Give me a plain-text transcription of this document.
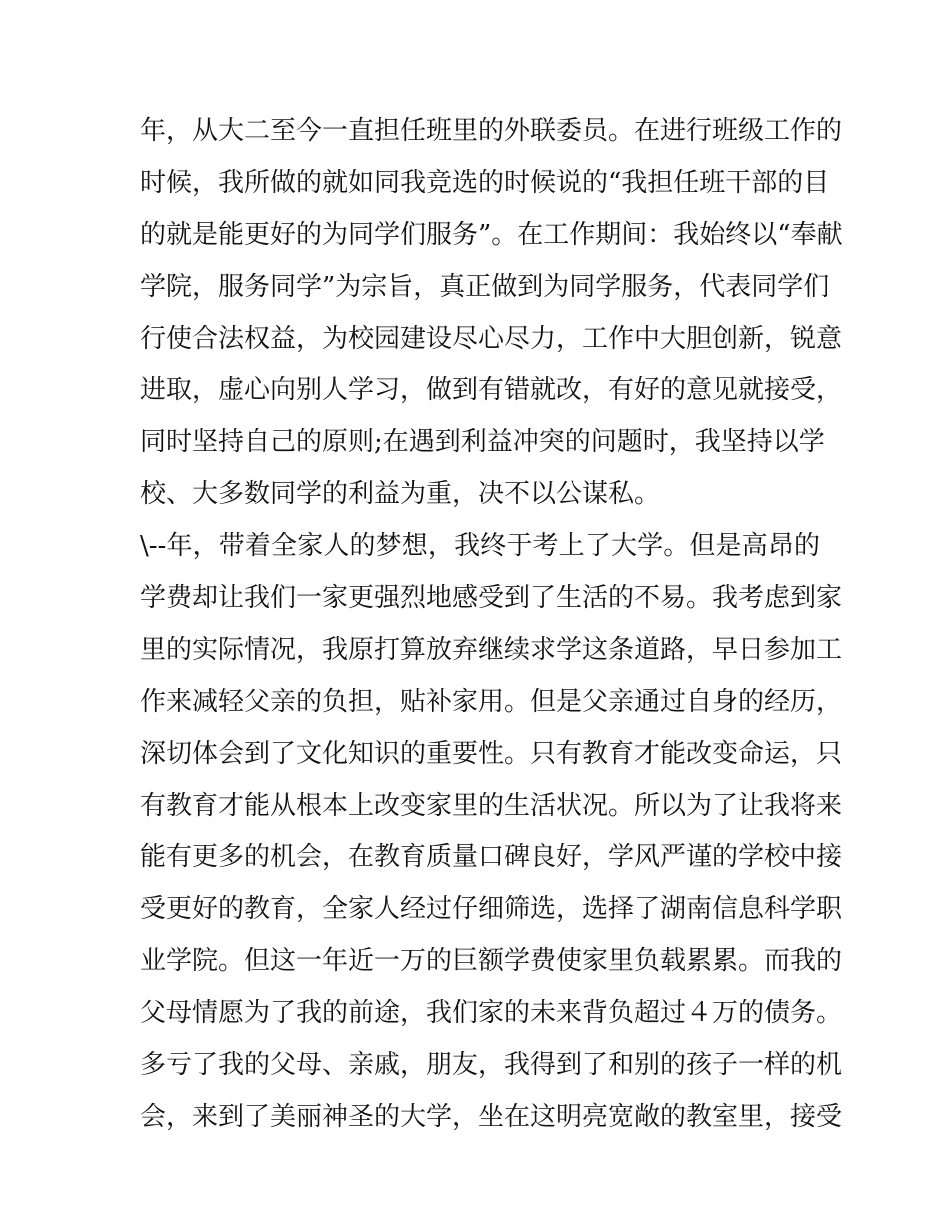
年，从大二至今一直担任班里的外联委员。在进行班级工作的
时候，我所做的就如同我竞选的时候说的“我担任班干部的目
的就是能更好的为同学们服务”。在工作期间：我始终以“奉献
学院，服务同学”为宗旨，真正做到为同学服务，代表同学们
行使合法权益，为校园建设尽心尽力，工作中大胆创新，锐意
进取，虚心向别人学习，做到有错就改，有好的意见就接受，
同时坚持自己的原则;在遇到利益冲突的问题时，我坚持以学
校、大多数同学的利益为重，决不以公谋私。
\--年，带着全家人的梦想，我终于考上了大学。但是高昂的
学费却让我们一家更强烈地感受到了生活的不易。我考虑到家
里的实际情况，我原打算放弃继续求学这条道路，早日参加工
作来减轻父亲的负担，贴补家用。但是父亲通过自身的经历，
深切体会到了文化知识的重要性。只有教育才能改变命运，只
有教育才能从根本上改变家里的生活状况。所以为了让我将来
能有更多的机会，在教育质量口碑良好，学风严谨的学校中接
受更好的教育，全家人经过仔细筛选，选择了湖南信息科学职
业学院。但这一年近一万的巨额学费使家里负载累累。而我的
父母情愿为了我的前途，我们家的未来背负超过４万的债务。
多亏了我的父母、亲戚，朋友，我得到了和别的孩子一样的机
会，来到了美丽神圣的大学，坐在这明亮宽敞的教室里，接受
